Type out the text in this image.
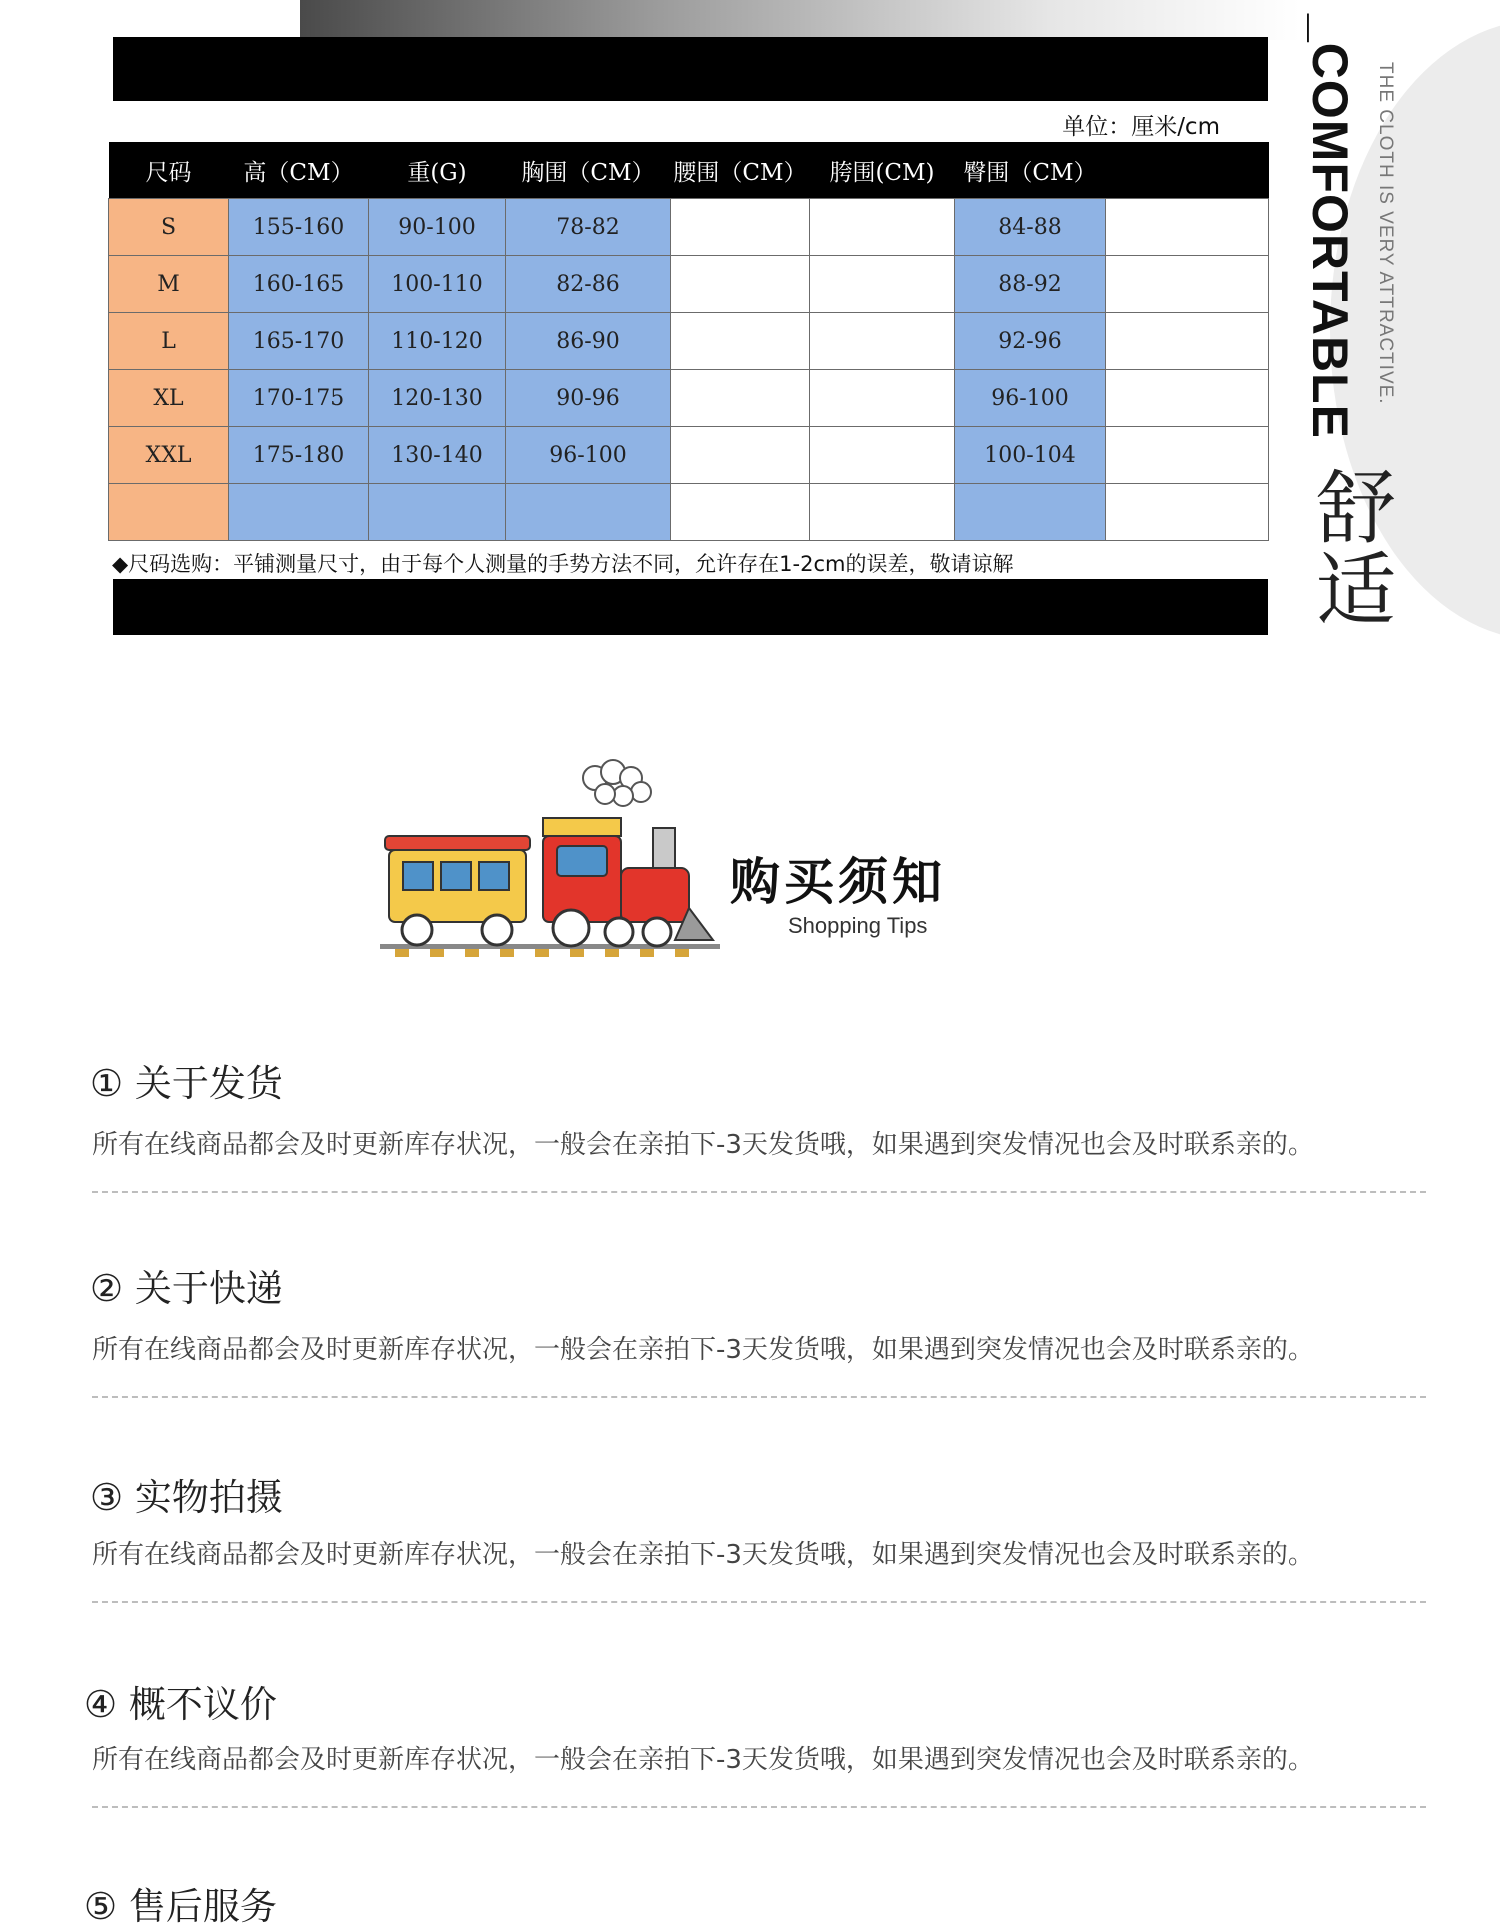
单位：厘米/cm
尺码	高（CM）	重(G)	胸围（CM）	腰围（CM）	胯围(CM)	臀围（CM）	
S	155-160	90-100	78-82			84-88	
M	160-165	100-110	82-86			88-92	
L	165-170	110-120	86-90			92-96	
XL	170-175	120-130	90-96			96-100	
XXL	175-180	130-140	96-100			100-104	

◆尺码选购：平铺测量尺寸，由于每个人测量的手势方法不同，允许存在1-2cm的误差，敬请谅解
_COMFORTABLE THE CLOTH IS VERY ATTRACTIVE.
舒适
购买须知
Shopping Tips
① 关于发货
所有在线商品都会及时更新库存状况，一般会在亲拍下-3天发货哦，如果遇到突发情况也会及时联系亲的。
② 关于快递
所有在线商品都会及时更新库存状况，一般会在亲拍下-3天发货哦，如果遇到突发情况也会及时联系亲的。
③ 实物拍摄
所有在线商品都会及时更新库存状况，一般会在亲拍下-3天发货哦，如果遇到突发情况也会及时联系亲的。
④ 概不议价
所有在线商品都会及时更新库存状况，一般会在亲拍下-3天发货哦，如果遇到突发情况也会及时联系亲的。
⑤ 售后服务
